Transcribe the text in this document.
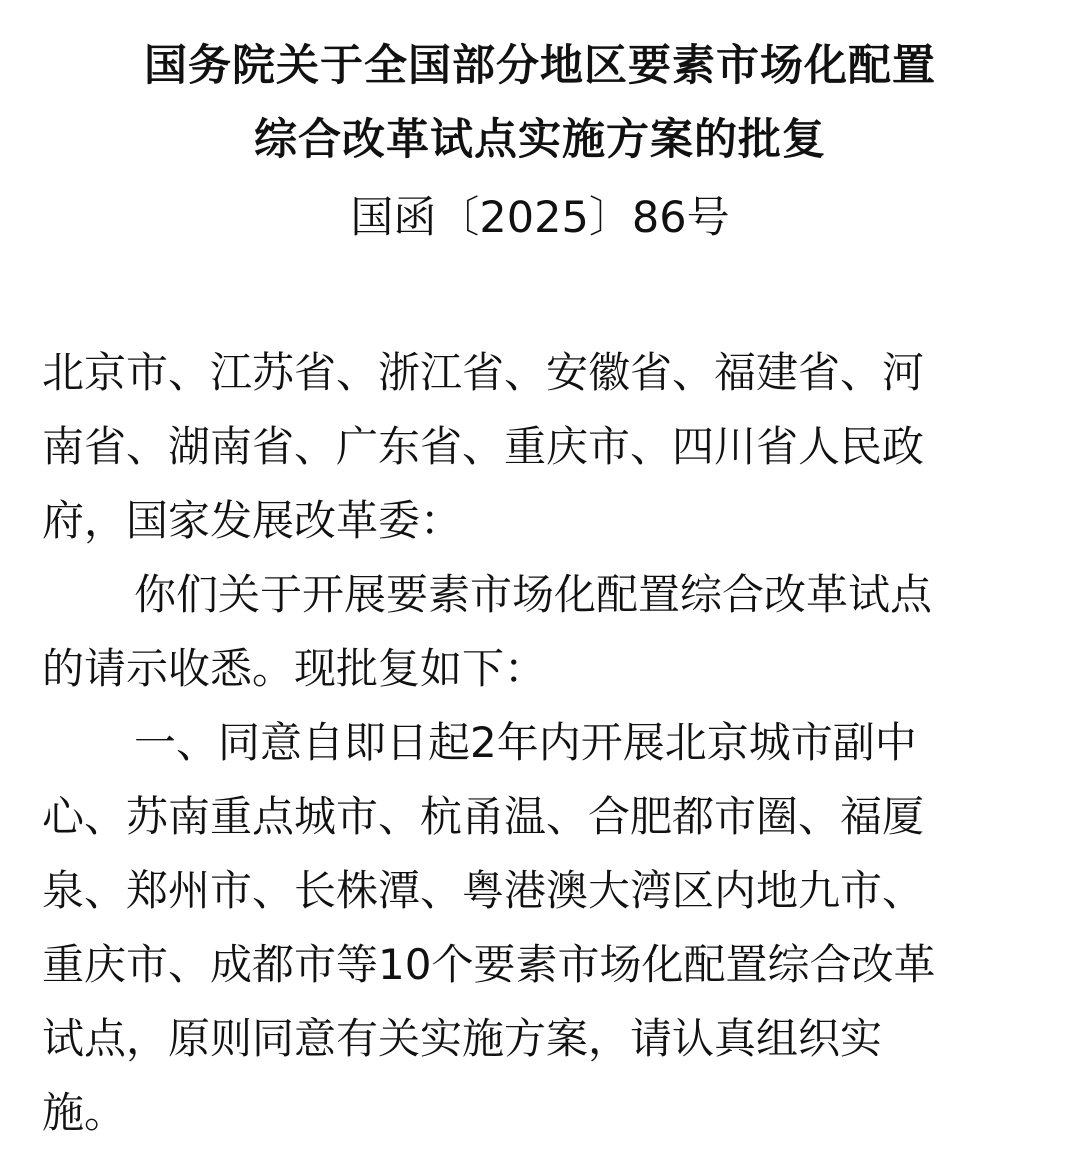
国务院关于全国部分地区要素市场化配置
综合改革试点实施方案的批复
国函〔2025〕86号
北京市、江苏省、浙江省、安徽省、福建省、河
南省、湖南省、广东省、重庆市、四川省人民政
府，国家发展改革委：
你们关于开展要素市场化配置综合改革试点
的请示收悉。现批复如下：
一、同意自即日起2年内开展北京城市副中
心、苏南重点城市、杭甬温、合肥都市圈、福厦
泉、郑州市、长株潭、粤港澳大湾区内地九市、
重庆市、成都市等10个要素市场化配置综合改革
试点，原则同意有关实施方案，请认真组织实
施。
